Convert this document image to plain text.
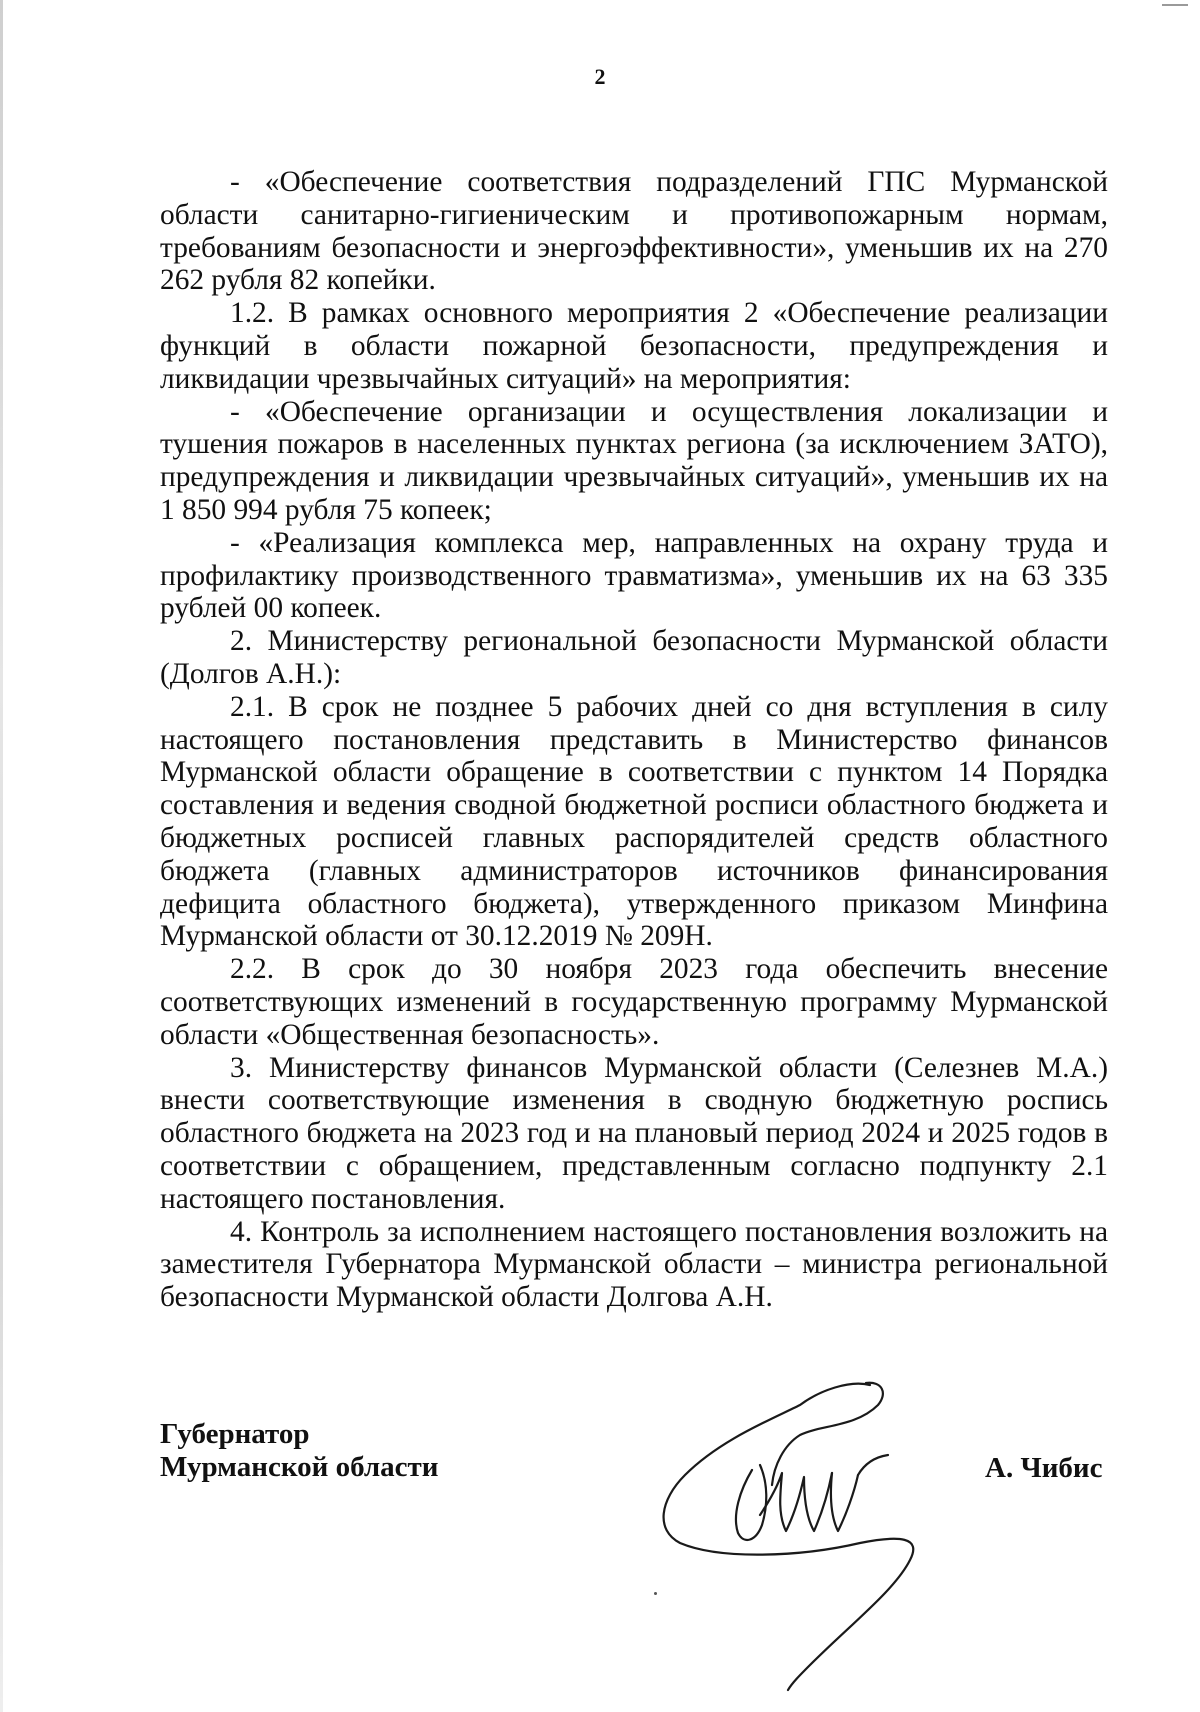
2

- «Обеспечение соответствия подразделений ГПС Мурманской области санитарно-гигиеническим и противопожарным нормам, требованиям безопасности и энергоэффективности», уменьшив их на 270 262 рубля 82 копейки.

1.2. В рамках основного мероприятия 2 «Обеспечение реализации функций в области пожарной безопасности, предупреждения и ликвидации чрезвычайных ситуаций» на мероприятия:

- «Обеспечение организации и осуществления локализации и тушения пожаров в населенных пунктах региона (за исключением ЗАТО), предупреждения и ликвидации чрезвычайных ситуаций», уменьшив их на 1 850 994 рубля 75 копеек;

- «Реализация комплекса мер, направленных на охрану труда и профилактику производственного травматизма», уменьшив их на 63 335 рублей 00 копеек.

2. Министерству региональной безопасности Мурманской области (Долгов А.Н.):

2.1. В срок не позднее 5 рабочих дней со дня вступления в силу настоящего постановления представить в Министерство финансов Мурманской области обращение в соответствии с пунктом 14 Порядка составления и ведения сводной бюджетной росписи областного бюджета и бюджетных росписей главных распорядителей средств областного бюджета (главных администраторов источников финансирования дефицита областного бюджета), утвержденного приказом Минфина Мурманской области от 30.12.2019 № 209Н.

2.2. В срок до 30 ноября 2023 года обеспечить внесение соответствующих изменений в государственную программу Мурманской области «Общественная безопасность».

3. Министерству финансов Мурманской области (Селезнев М.А.) внести соответствующие изменения в сводную бюджетную роспись областного бюджета на 2023 год и на плановый период 2024 и 2025 годов в соответствии с обращением, представленным согласно подпункту 2.1 настоящего постановления.

4. Контроль за исполнением настоящего постановления возложить на заместителя Губернатора Мурманской области – министра региональной безопасности Мурманской области Долгова А.Н.

Губернатор
Мурманской области	А. Чибис
